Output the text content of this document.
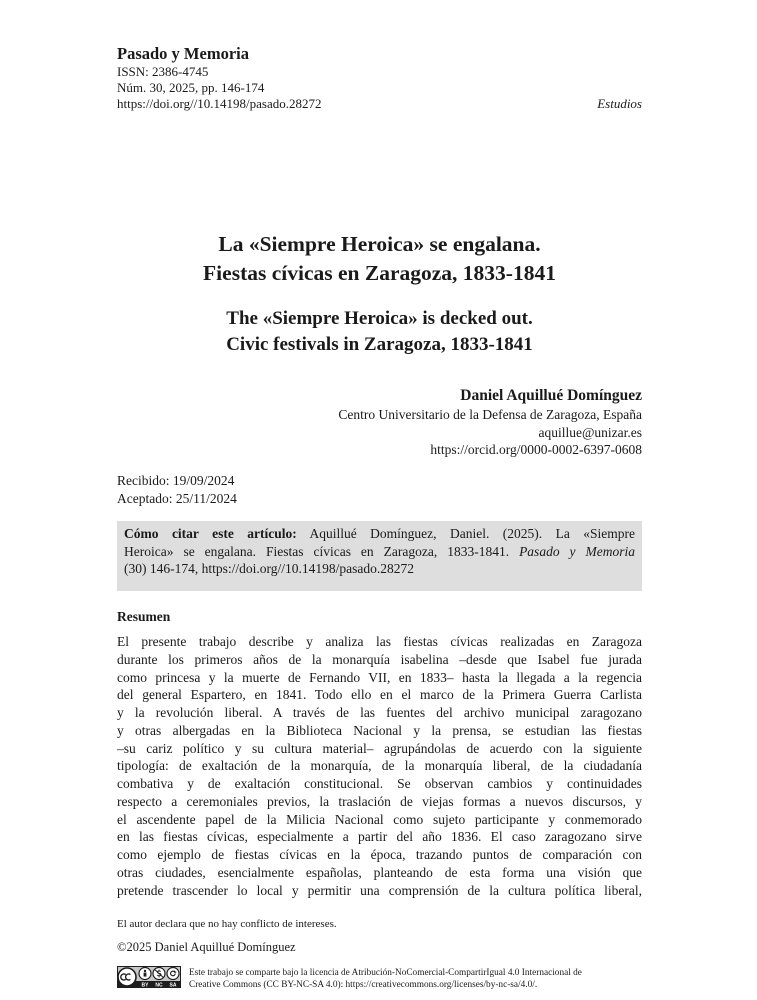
Pasado y Memoria
ISSN: 2386-4745
Núm. 30, 2025, pp. 146-174
https://doi.org//10.14198/pasado.28272	Estudios
La «Siempre Heroica» se engalana.
Fiestas cívicas en Zaragoza, 1833-1841
The «Siempre Heroica» is decked out.
Civic festivals in Zaragoza, 1833-1841
Daniel Aquillué Domínguez
Centro Universitario de la Defensa de Zaragoza, España
aquillue@unizar.es
https://orcid.org/0000-0002-6397-0608
Recibido: 19/09/2024
Aceptado: 25/11/2024
Cómo citar este artículo: Aquillué Domínguez, Daniel. (2025). La «Siempre
Heroica» se engalana. Fiestas cívicas en Zaragoza, 1833-1841. Pasado y Memoria
(30) 146-174, https://doi.org//10.14198/pasado.28272
Resumen
El presente trabajo describe y analiza las fiestas cívicas realizadas en Zaragoza
durante los primeros años de la monarquía isabelina –desde que Isabel fue jurada
como princesa y la muerte de Fernando VII, en 1833– hasta la llegada a la regencia
del general Espartero, en 1841. Todo ello en el marco de la Primera Guerra Carlista
y la revolución liberal. A través de las fuentes del archivo municipal zaragozano
y otras albergadas en la Biblioteca Nacional y la prensa, se estudian las fiestas
–su cariz político y su cultura material– agrupándolas de acuerdo con la siguiente
tipología: de exaltación de la monarquía, de la monarquía liberal, de la ciudadanía
combativa y de exaltación constitucional. Se observan cambios y continuidades
respecto a ceremoniales previos, la traslación de viejas formas a nuevos discursos, y
el ascendente papel de la Milicia Nacional como sujeto participante y conmemorado
en las fiestas cívicas, especialmente a partir del año 1836. El caso zaragozano sirve
como ejemplo de fiestas cívicas en la época, trazando puntos de comparación con
otras ciudades, esencialmente españolas, planteando de esta forma una visión que
pretende trascender lo local y permitir una comprensión de la cultura política liberal,
El autor declara que no hay conflicto de intereses.
©2025 Daniel Aquillué Domínguez
BY NC SA
Este trabajo se comparte bajo la licencia de Atribución-NoComercial-CompartirIgual 4.0 Internacional de
Creative Commons (CC BY-NC-SA 4.0): https://creativecommons.org/licenses/by-nc-sa/4.0/.
